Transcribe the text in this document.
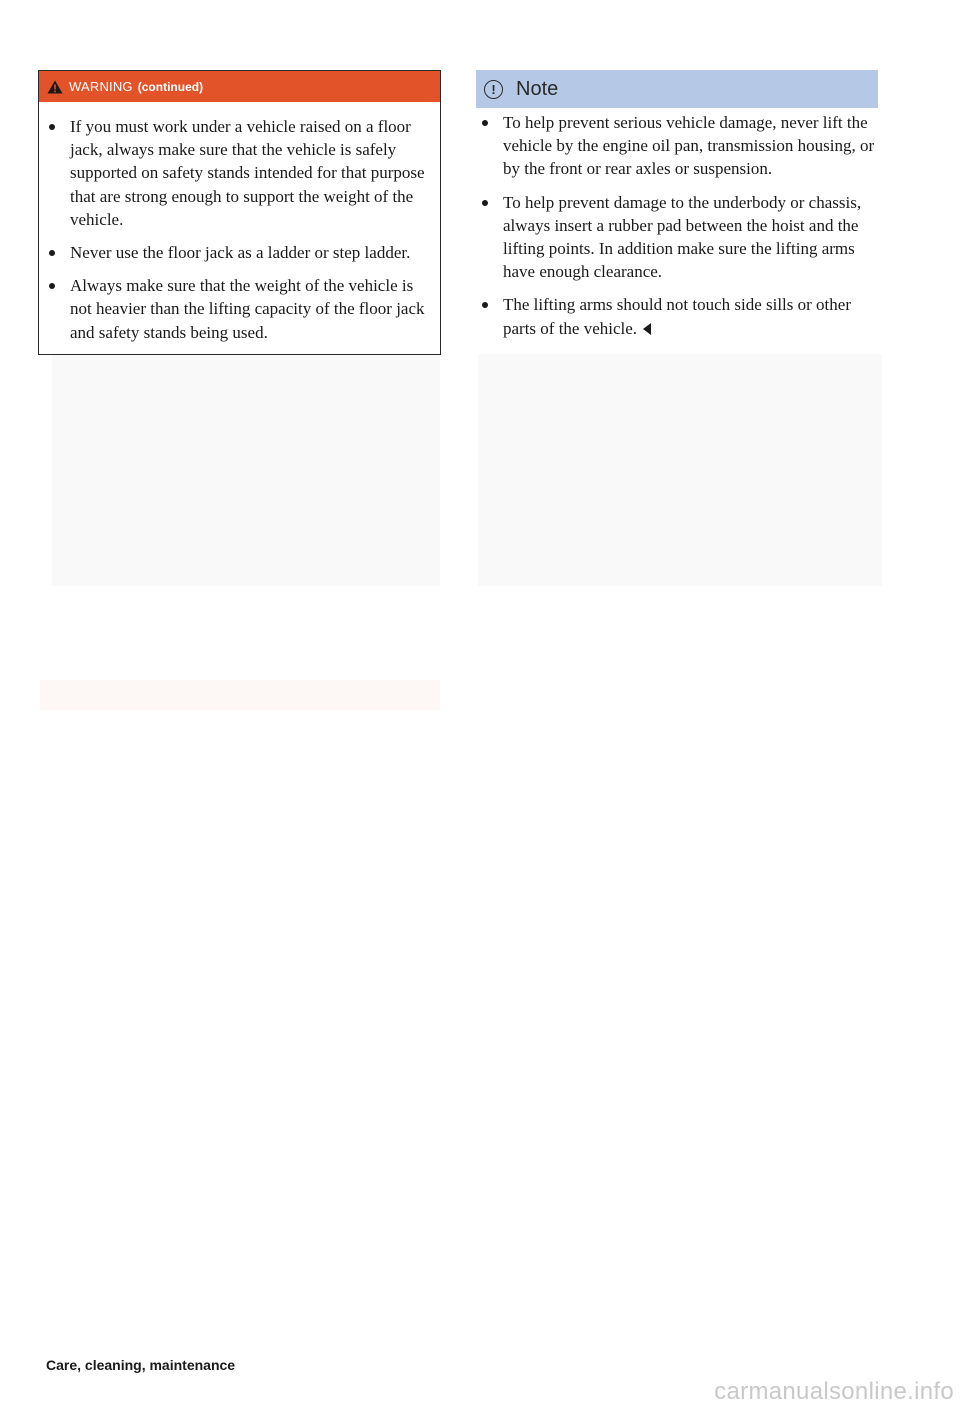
WARNING (continued)
If you must work under a vehicle raised on a floor jack, always make sure that the vehicle is safely supported on safety stands intended for that purpose that are strong enough to support the weight of the vehicle.
Never use the floor jack as a ladder or step ladder.
Always make sure that the weight of the vehicle is not heavier than the lifting capacity of the floor jack and safety stands being used.
!	Note
To help prevent serious vehicle damage, never lift the vehicle by the engine oil pan, transmission housing, or by the front or rear axles or suspension.
To help prevent damage to the underbody or chassis, always insert a rubber pad between the hoist and the lifting points. In addition make sure the lifting arms have enough clearance.
The lifting arms should not touch side sills or other parts of the vehicle.
Care, cleaning, maintenance
carmanualsonline.info
